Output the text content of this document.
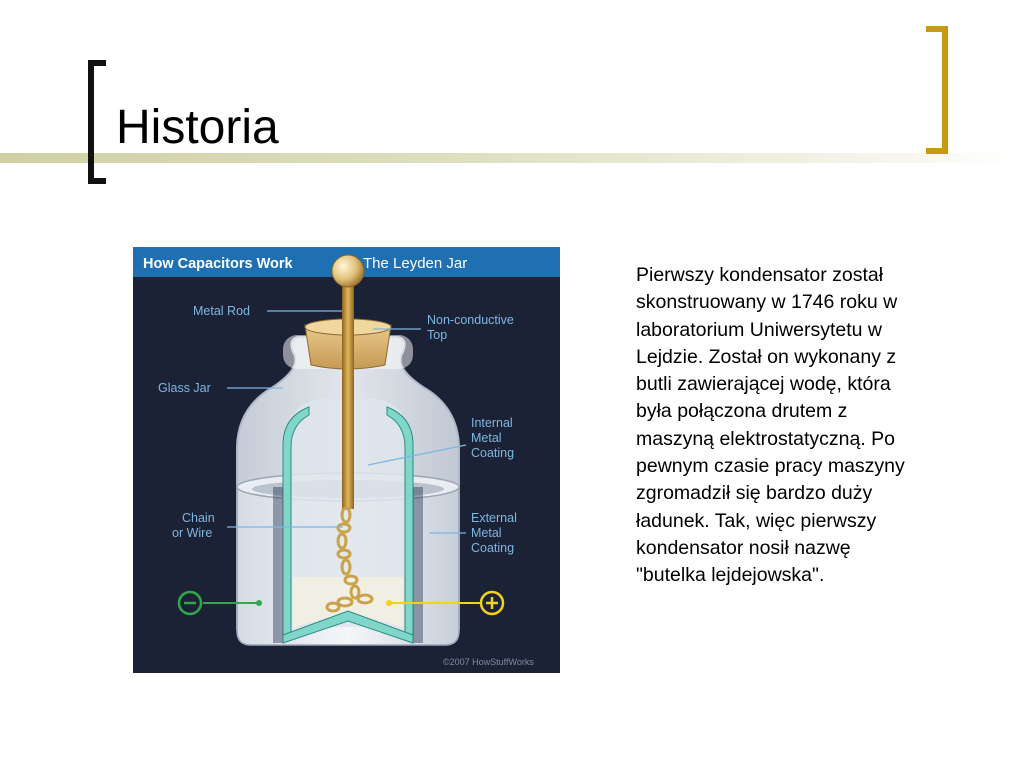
Historia
How Capacitors Work	The Leyden Jar
Metal Rod
Non-conductive
Top
Glass Jar
Internal
Metal
Coating
Chain
or Wire
External
Metal
Coating
©2007 HowStuffWorks

Pierwszy kondensator został
skonstruowany w 1746 roku w
laboratorium Uniwersytetu w
Lejdzie. Został on wykonany z
butli zawierającej wodę, która
była połączona drutem z
maszyną elektrostatyczną. Po
pewnym czasie pracy maszyny
zgromadził się bardzo duży
ładunek. Tak, więc pierwszy
kondensator nosił nazwę
"butelka lejdejowska".
